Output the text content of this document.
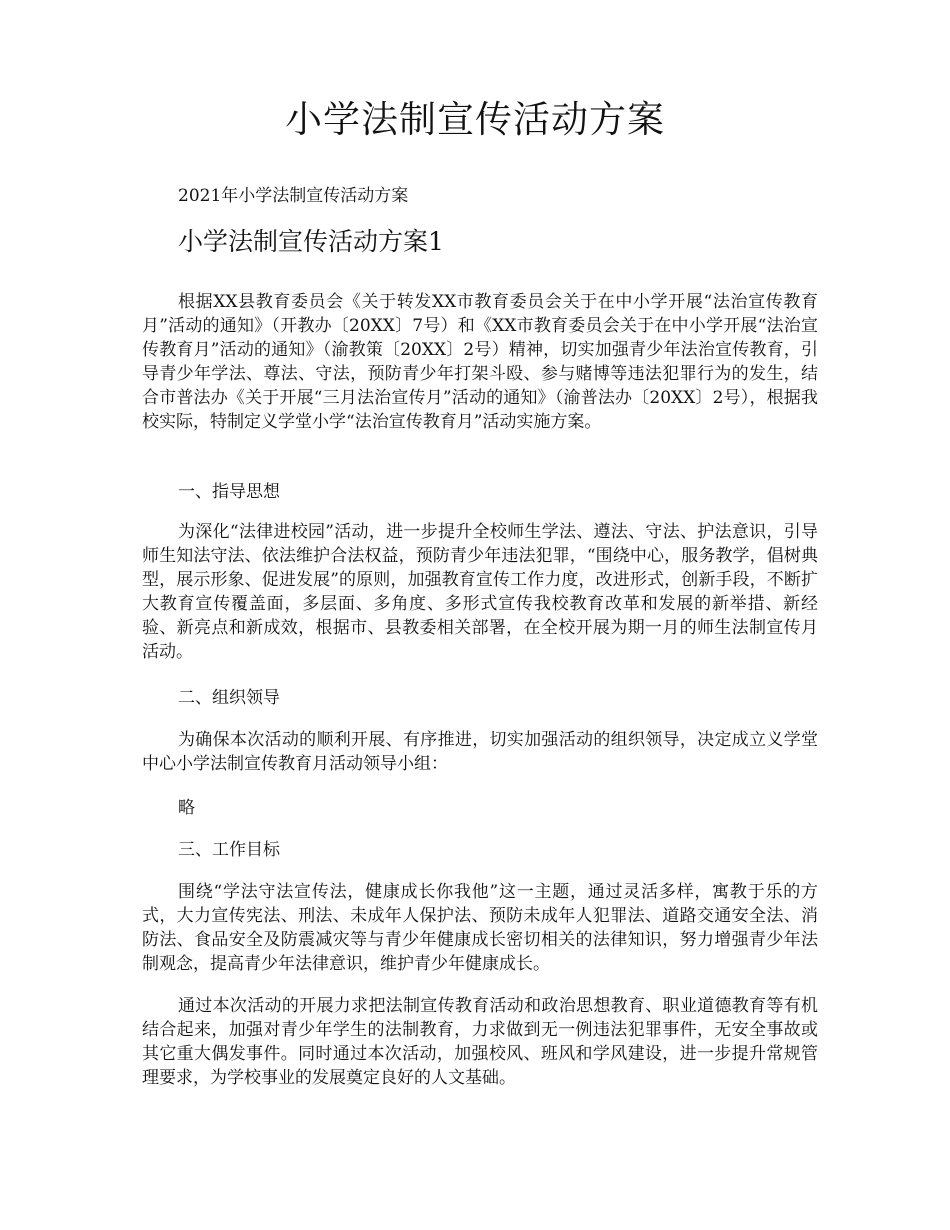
小学法制宣传活动方案
2021年小学法制宣传活动方案
小学法制宣传活动方案1
根据XX县教育委员会《关于转发XX市教育委员会关于在中小学开展“法治宣传教育月”活动的通知》（开教办〔20XX〕7号）和《XX市教育委员会关于在中小学开展“法治宣传教育月”活动的通知》（渝教策〔20XX〕2号）精神，切实加强青少年法治宣传教育，引导青少年学法、尊法、守法，预防青少年打架斗殴、参与赌博等违法犯罪行为的发生，结合市普法办《关于开展“三月法治宣传月”活动的通知》（渝普法办〔20XX〕2号），根据我校实际，特制定义学堂小学“法治宣传教育月”活动实施方案。
一、指导思想
为深化“法律进校园”活动，进一步提升全校师生学法、遵法、守法、护法意识，引导师生知法守法、依法维护合法权益，预防青少年违法犯罪，“围绕中心，服务教学，倡树典型，展示形象、促进发展”的原则，加强教育宣传工作力度，改进形式，创新手段，不断扩大教育宣传覆盖面，多层面、多角度、多形式宣传我校教育改革和发展的新举措、新经验、新亮点和新成效，根据市、县教委相关部署，在全校开展为期一月的师生法制宣传月活动。
二、组织领导
为确保本次活动的顺利开展、有序推进，切实加强活动的组织领导，决定成立义学堂中心小学法制宣传教育月活动领导小组：
略
三、工作目标
围绕“学法守法宣传法，健康成长你我他”这一主题，通过灵活多样，寓教于乐的方式，大力宣传宪法、刑法、未成年人保护法、预防未成年人犯罪法、道路交通安全法、消防法、食品安全及防震减灾等与青少年健康成长密切相关的法律知识，努力增强青少年法制观念，提高青少年法律意识，维护青少年健康成长。
通过本次活动的开展力求把法制宣传教育活动和政治思想教育、职业道德教育等有机结合起来，加强对青少年学生的法制教育，力求做到无一例违法犯罪事件，无安全事故或其它重大偶发事件。同时通过本次活动，加强校风、班风和学风建设，进一步提升常规管理要求，为学校事业的发展奠定良好的人文基础。
